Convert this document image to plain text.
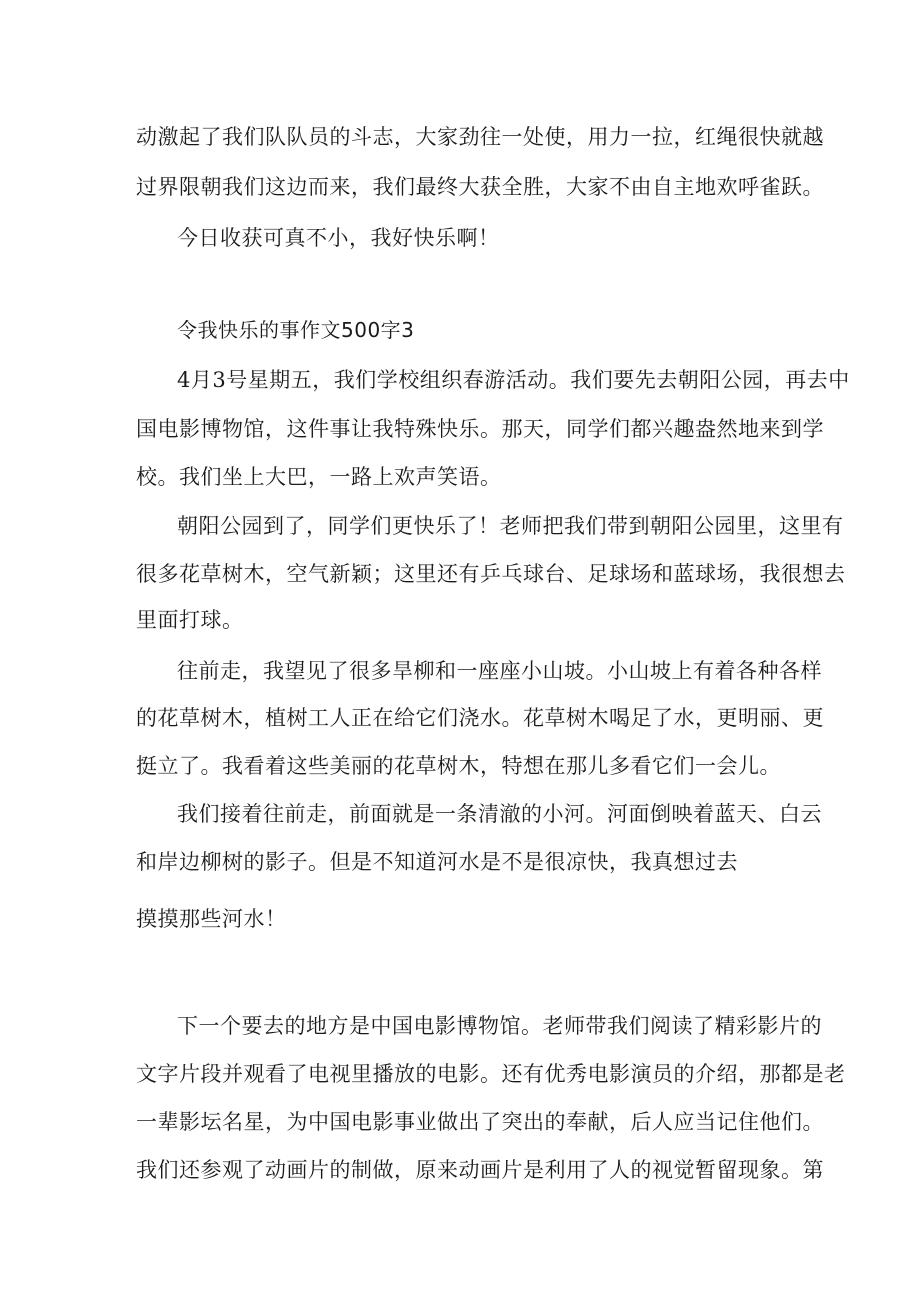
动激起了我们队队员的斗志，大家劲往一处使，用力一拉，红绳很快就越
过界限朝我们这边而来，我们最终大获全胜，大家不由自主地欢呼雀跃。
今日收获可真不小，我好快乐啊！
令我快乐的事作文500字3
4月3号星期五，我们学校组织春游活动。我们要先去朝阳公园，再去中
国电影博物馆，这件事让我特殊快乐。那天，同学们都兴趣盎然地来到学
校。我们坐上大巴，一路上欢声笑语。
朝阳公园到了，同学们更快乐了！老师把我们带到朝阳公园里，这里有
很多花草树木，空气新颖；这里还有乒乓球台、足球场和蓝球场，我很想去
里面打球。
往前走，我望见了很多旱柳和一座座小山坡。小山坡上有着各种各样
的花草树木，植树工人正在给它们浇水。花草树木喝足了水，更明丽、更
挺立了。我看着这些美丽的花草树木，特想在那儿多看它们一会儿。
我们接着往前走，前面就是一条清澈的小河。河面倒映着蓝天、白云
和岸边柳树的影子。但是不知道河水是不是很凉快，我真想过去
摸摸那些河水！
下一个要去的地方是中国电影博物馆。老师带我们阅读了精彩影片的
文字片段并观看了电视里播放的电影。还有优秀电影演员的介绍，那都是老
一辈影坛名星，为中国电影事业做出了突出的奉献，后人应当记住他们。
我们还参观了动画片的制做，原来动画片是利用了人的视觉暂留现象。第
